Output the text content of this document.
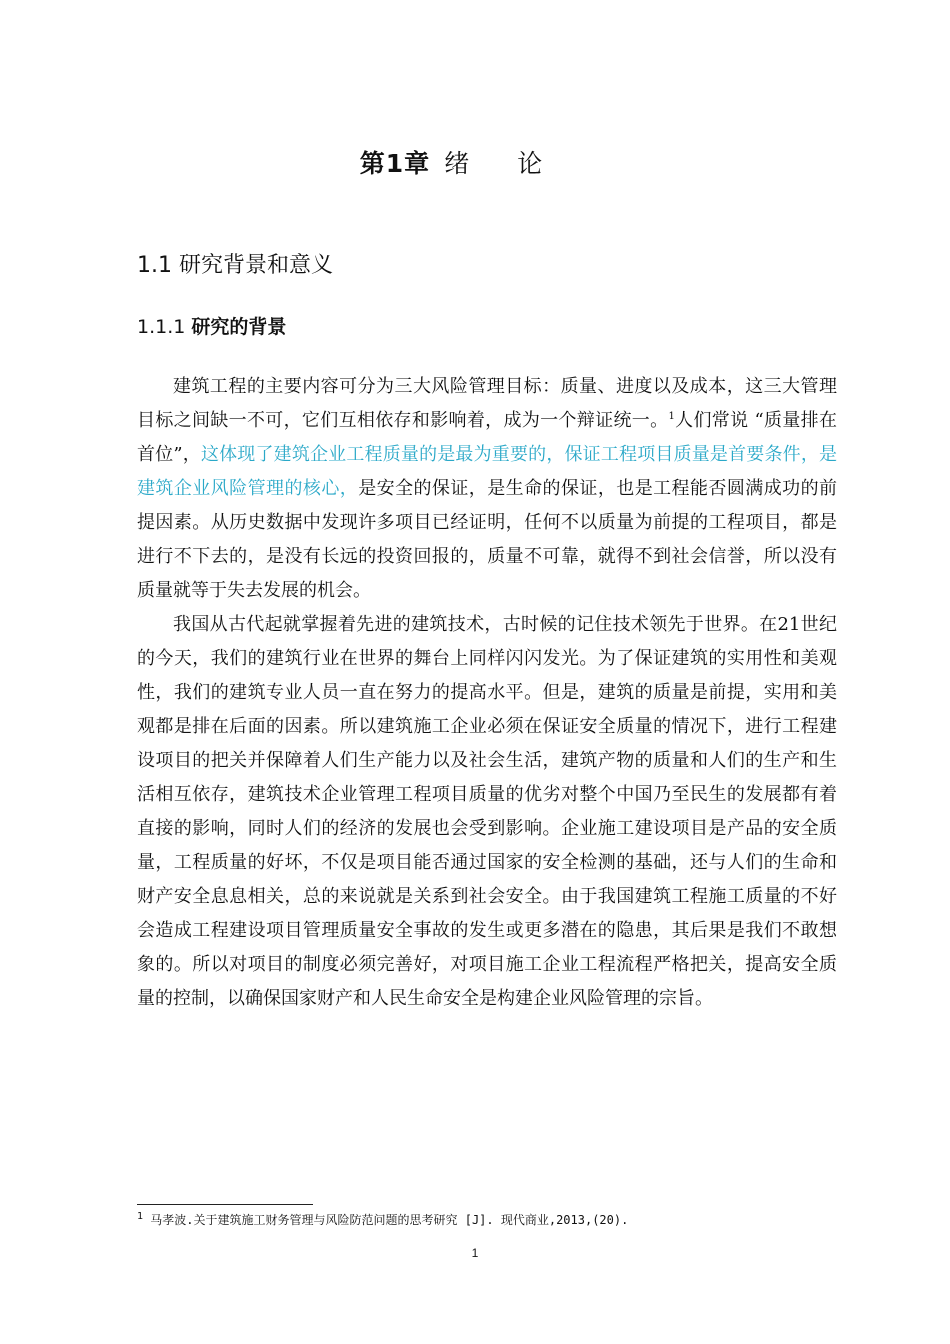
第1章 绪论
1.1 研究背景和意义
1.1.1 研究的背景

建筑工程的主要内容可分为三大风险管理目标：质量、进度以及成本，这三大管理目标之间缺一不可，它们互相依存和影响着，成为一个辩证统一。$^1$人们常说 “质量排在首位”，这体现了建筑企业工程质量的是最为重要的，保证工程项目质量是首要条件，是建筑企业风险管理的核心，是安全的保证，是生命的保证，也是工程能否圆满成功的前提因素。从历史数据中发现许多项目已经证明，任何不以质量为前提的工程项目，都是进行不下去的，是没有长远的投资回报的，质量不可靠，就得不到社会信誉，所以没有质量就等于失去发展的机会。

我国从古代起就掌握着先进的建筑技术，古时候的记住技术领先于世界。在21世纪的今天，我们的建筑行业在世界的舞台上同样闪闪发光。为了保证建筑的实用性和美观性，我们的建筑专业人员一直在努力的提高水平。但是，建筑的质量是前提，实用和美观都是排在后面的因素。所以建筑施工企业必须在保证安全质量的情况下，进行工程建设项目的把关并保障着人们生产能力以及社会生活，建筑产物的质量和人们的生产和生活相互依存，建筑技术企业管理工程项目质量的优劣对整个中国乃至民生的发展都有着直接的影响，同时人们的经济的发展也会受到影响。企业施工建设项目是产品的安全质量，工程质量的好坏，不仅是项目能否通过国家的安全检测的基础，还与人们的生命和财产安全息息相关，总的来说就是关系到社会安全。由于我国建筑工程施工质量的不好会造成工程建设项目管理质量安全事故的发生或更多潜在的隐患，其后果是我们不敢想象的。所以对项目的制度必须完善好，对项目施工企业工程流程严格把关，提高安全质量的控制，以确保国家财产和人民生命安全是构建企业风险管理的宗旨。

$^1$ 马孝波.关于建筑施工财务管理与风险防范问题的思考研究 [J]. 现代商业,2013,(20).
1
